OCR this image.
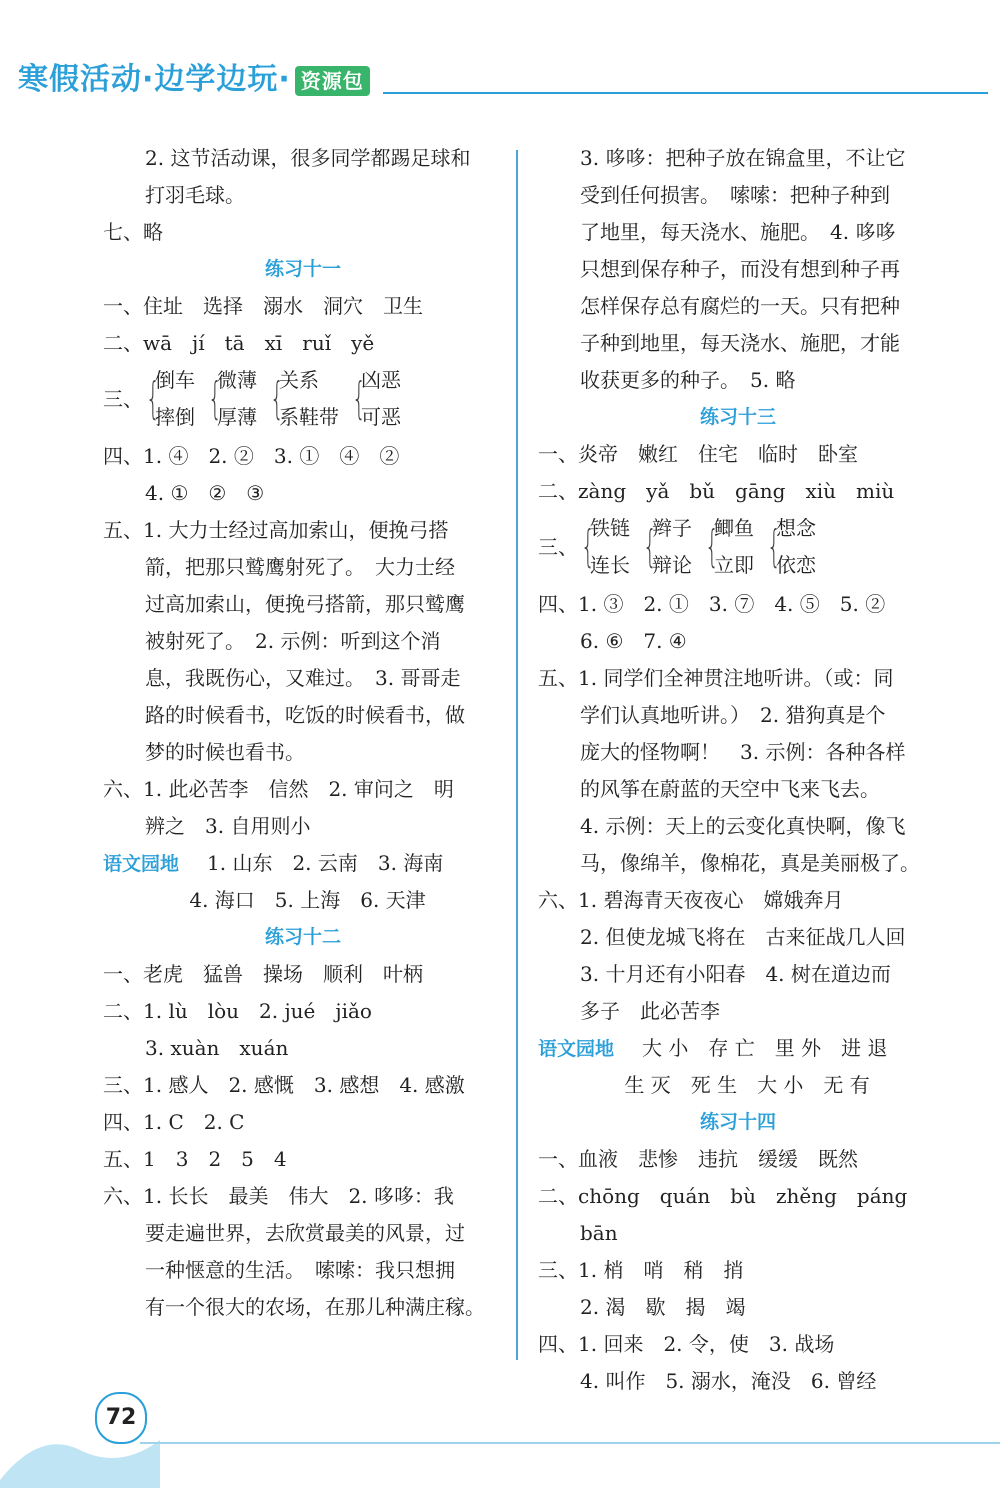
寒假活动·边学边玩· 资源包
2. 这节活动课，很多同学都踢足球和
打羽毛球。
七、略
练习十一
一、住址　选择　溺水　洞穴　卫生
二、wā　jí　tā　xī　ruǐ　yě
三、{
倒车
摔倒 {
微薄
厚薄 {
关系
系鞋带 {
凶恶
可恶
四、1. ④　2. ②　3. ①　④　②
4. ①　②　③
五、1. 大力士经过高加索山，便挽弓搭
箭，把那只鹫鹰射死了。　大力士经
过高加索山，便挽弓搭箭，那只鹫鹰
被射死了。　2. 示例：听到这个消
息，我既伤心，又难过。　3. 哥哥走
路的时候看书，吃饭的时候看书，做
梦的时候也看书。
六、1. 此必苦李　信然　2. 审问之　明
辨之　3. 自用则小
语文园地 1. 山东　2. 云南　3. 海南
　　　　 4. 海口　5. 上海　6. 天津
练习十二
一、老虎　猛兽　操场　顺利　叶柄
二、1. lù　lòu　2. jué　jiǎo
3. xuàn　xuán
三、1. 感人　2. 感慨　3. 感想　4. 感激
四、1. C　2. C
五、1　3　2　5　4
六、1. 长长　最美　伟大　2. 哆哆：我
要走遍世界，去欣赏最美的风景，过
一种惬意的生活。　嗦嗦：我只想拥
有一个很大的农场，在那儿种满庄稼。
3. 哆哆：把种子放在锦盒里，不让它
受到任何损害。　嗦嗦：把种子种到
了地里，每天浇水、施肥。　4. 哆哆
只想到保存种子，而没有想到种子再
怎样保存总有腐烂的一天。只有把种
子种到地里，每天浇水、施肥，才能
收获更多的种子。　5. 略
练习十三
一、炎帝　嫩红　住宅　临时　卧室
二、zàng　yǎ　bǔ　gāng　xiù　miù
三、{
铁链
连长 {
辫子
辩论 {
鲫鱼
立即 {
想念
依恋
四、1. ③　2. ①　3. ⑦　4. ⑤　5. ②
6. ⑥　7. ④
五、1. 同学们全神贯注地听讲。（或：同
学们认真地听讲。）　2. 猎狗真是个
庞大的怪物啊！　3. 示例：各种各样
的风筝在蔚蓝的天空中飞来飞去。
4. 示例：天上的云变化真快啊，像飞
马，像绵羊，像棉花，真是美丽极了。
六、1. 碧海青天夜夜心　嫦娥奔月
2. 但使龙城飞将在　古来征战几人回
3. 十月还有小阳春　4. 树在道边而
多子　此必苦李
语文园地 大 小　存 亡　里 外　进 退
　　　　 生 灭　死 生　大 小　无 有
练习十四
一、血液　悲惨　违抗　缓缓　既然
二、chōng　quán　bù　zhěng　páng
bān
三、1. 梢　哨　稍　捎
2. 渴　歇　揭　竭
四、1. 回来　2. 令，使　3. 战场
4. 叫作　5. 溺水，淹没　6. 曾经
72
